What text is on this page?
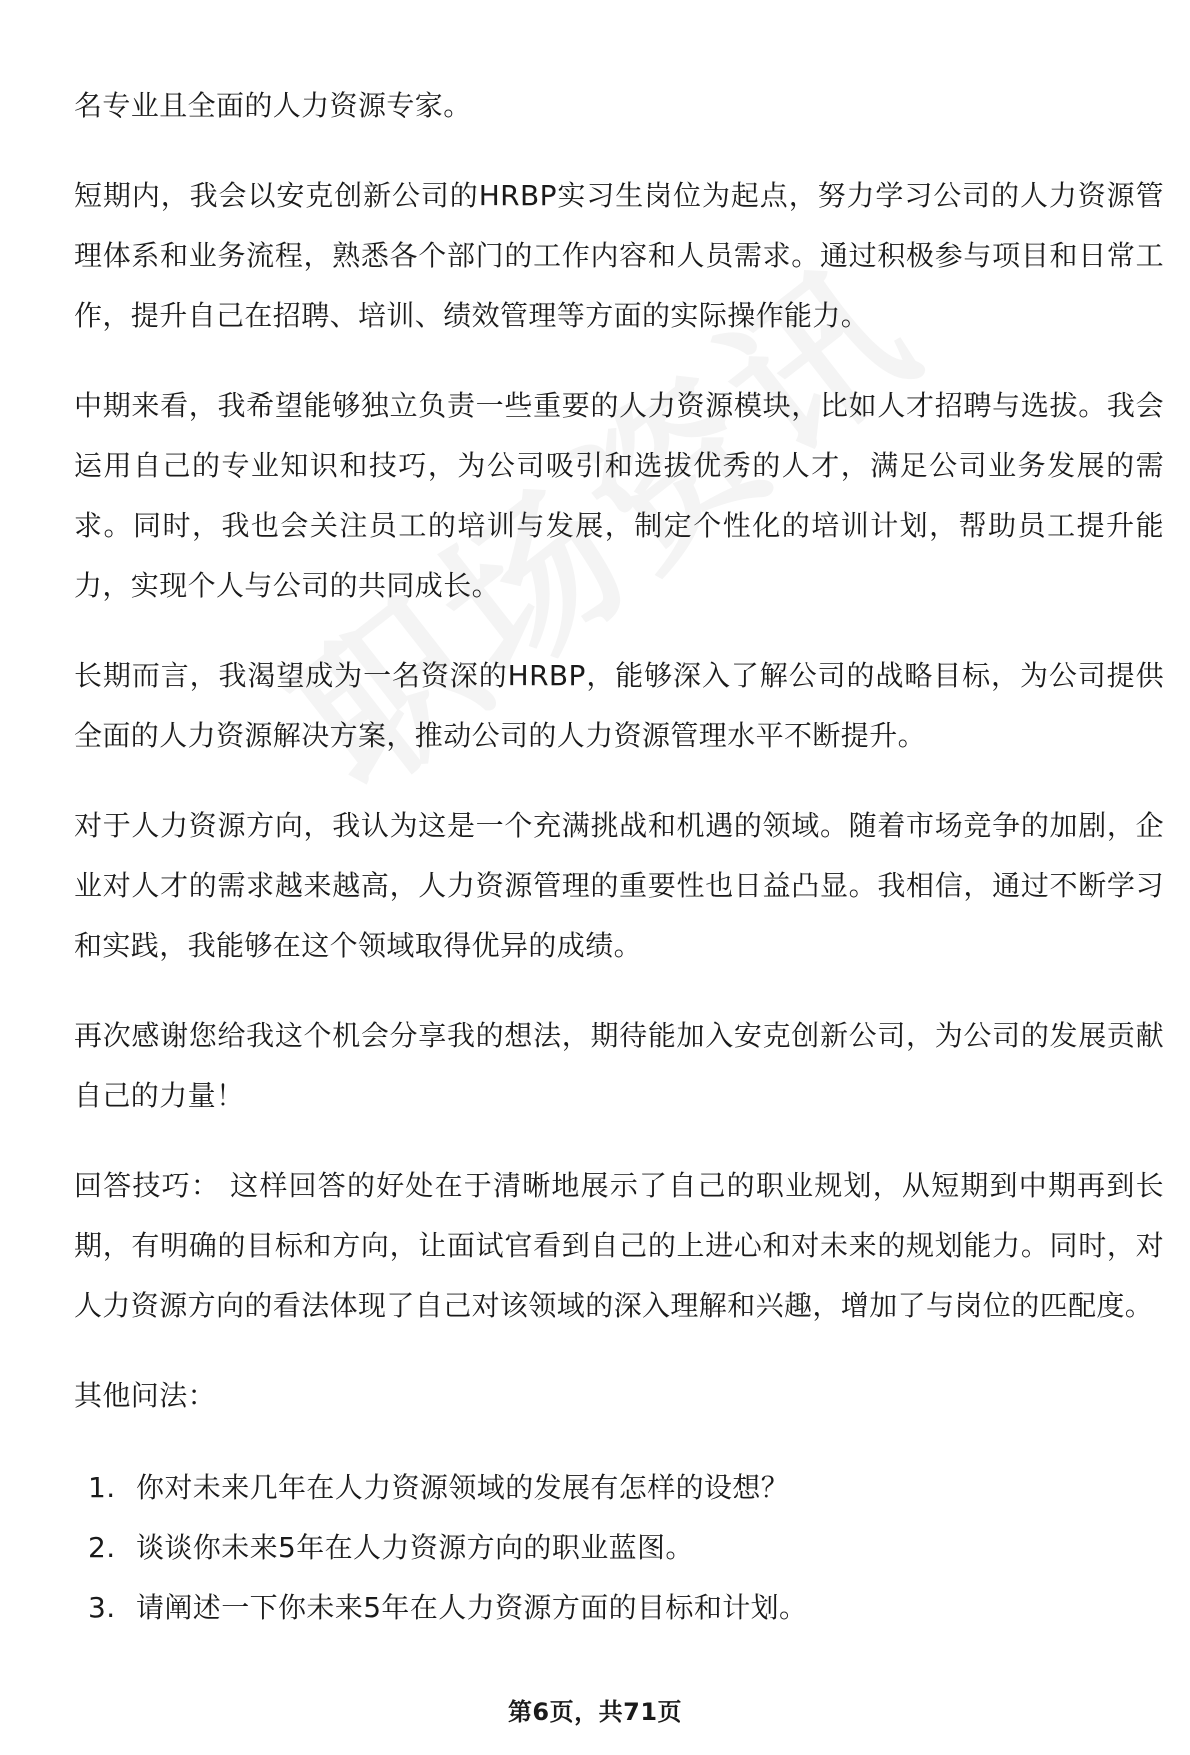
名专业且全面的人力资源专家。

短期内，我会以安克创新公司的HRBP实习生岗位为起点，努力学习公司的人力资源管理体系和业务流程，熟悉各个部门的工作内容和人员需求。通过积极参与项目和日常工作，提升自己在招聘、培训、绩效管理等方面的实际操作能力。

中期来看，我希望能够独立负责一些重要的人力资源模块，比如人才招聘与选拔。我会运用自己的专业知识和技巧，为公司吸引和选拔优秀的人才，满足公司业务发展的需求。同时，我也会关注员工的培训与发展，制定个性化的培训计划，帮助员工提升能力，实现个人与公司的共同成长。

长期而言，我渴望成为一名资深的HRBP，能够深入了解公司的战略目标，为公司提供全面的人力资源解决方案，推动公司的人力资源管理水平不断提升。

对于人力资源方向，我认为这是一个充满挑战和机遇的领域。随着市场竞争的加剧，企业对人才的需求越来越高，人力资源管理的重要性也日益凸显。我相信，通过不断学习和实践，我能够在这个领域取得优异的成绩。

再次感谢您给我这个机会分享我的想法，期待能加入安克创新公司，为公司的发展贡献自己的力量！

回答技巧： 这样回答的好处在于清晰地展示了自己的职业规划，从短期到中期再到长期，有明确的目标和方向，让面试官看到自己的上进心和对未来的规划能力。同时，对人力资源方向的看法体现了自己对该领域的深入理解和兴趣，增加了与岗位的匹配度。

其他问法：

1. 你对未来几年在人力资源领域的发展有怎样的设想？
2. 谈谈你未来5年在人力资源方向的职业蓝图。
3. 请阐述一下你未来5年在人力资源方面的目标和计划。
第6页，共71页
